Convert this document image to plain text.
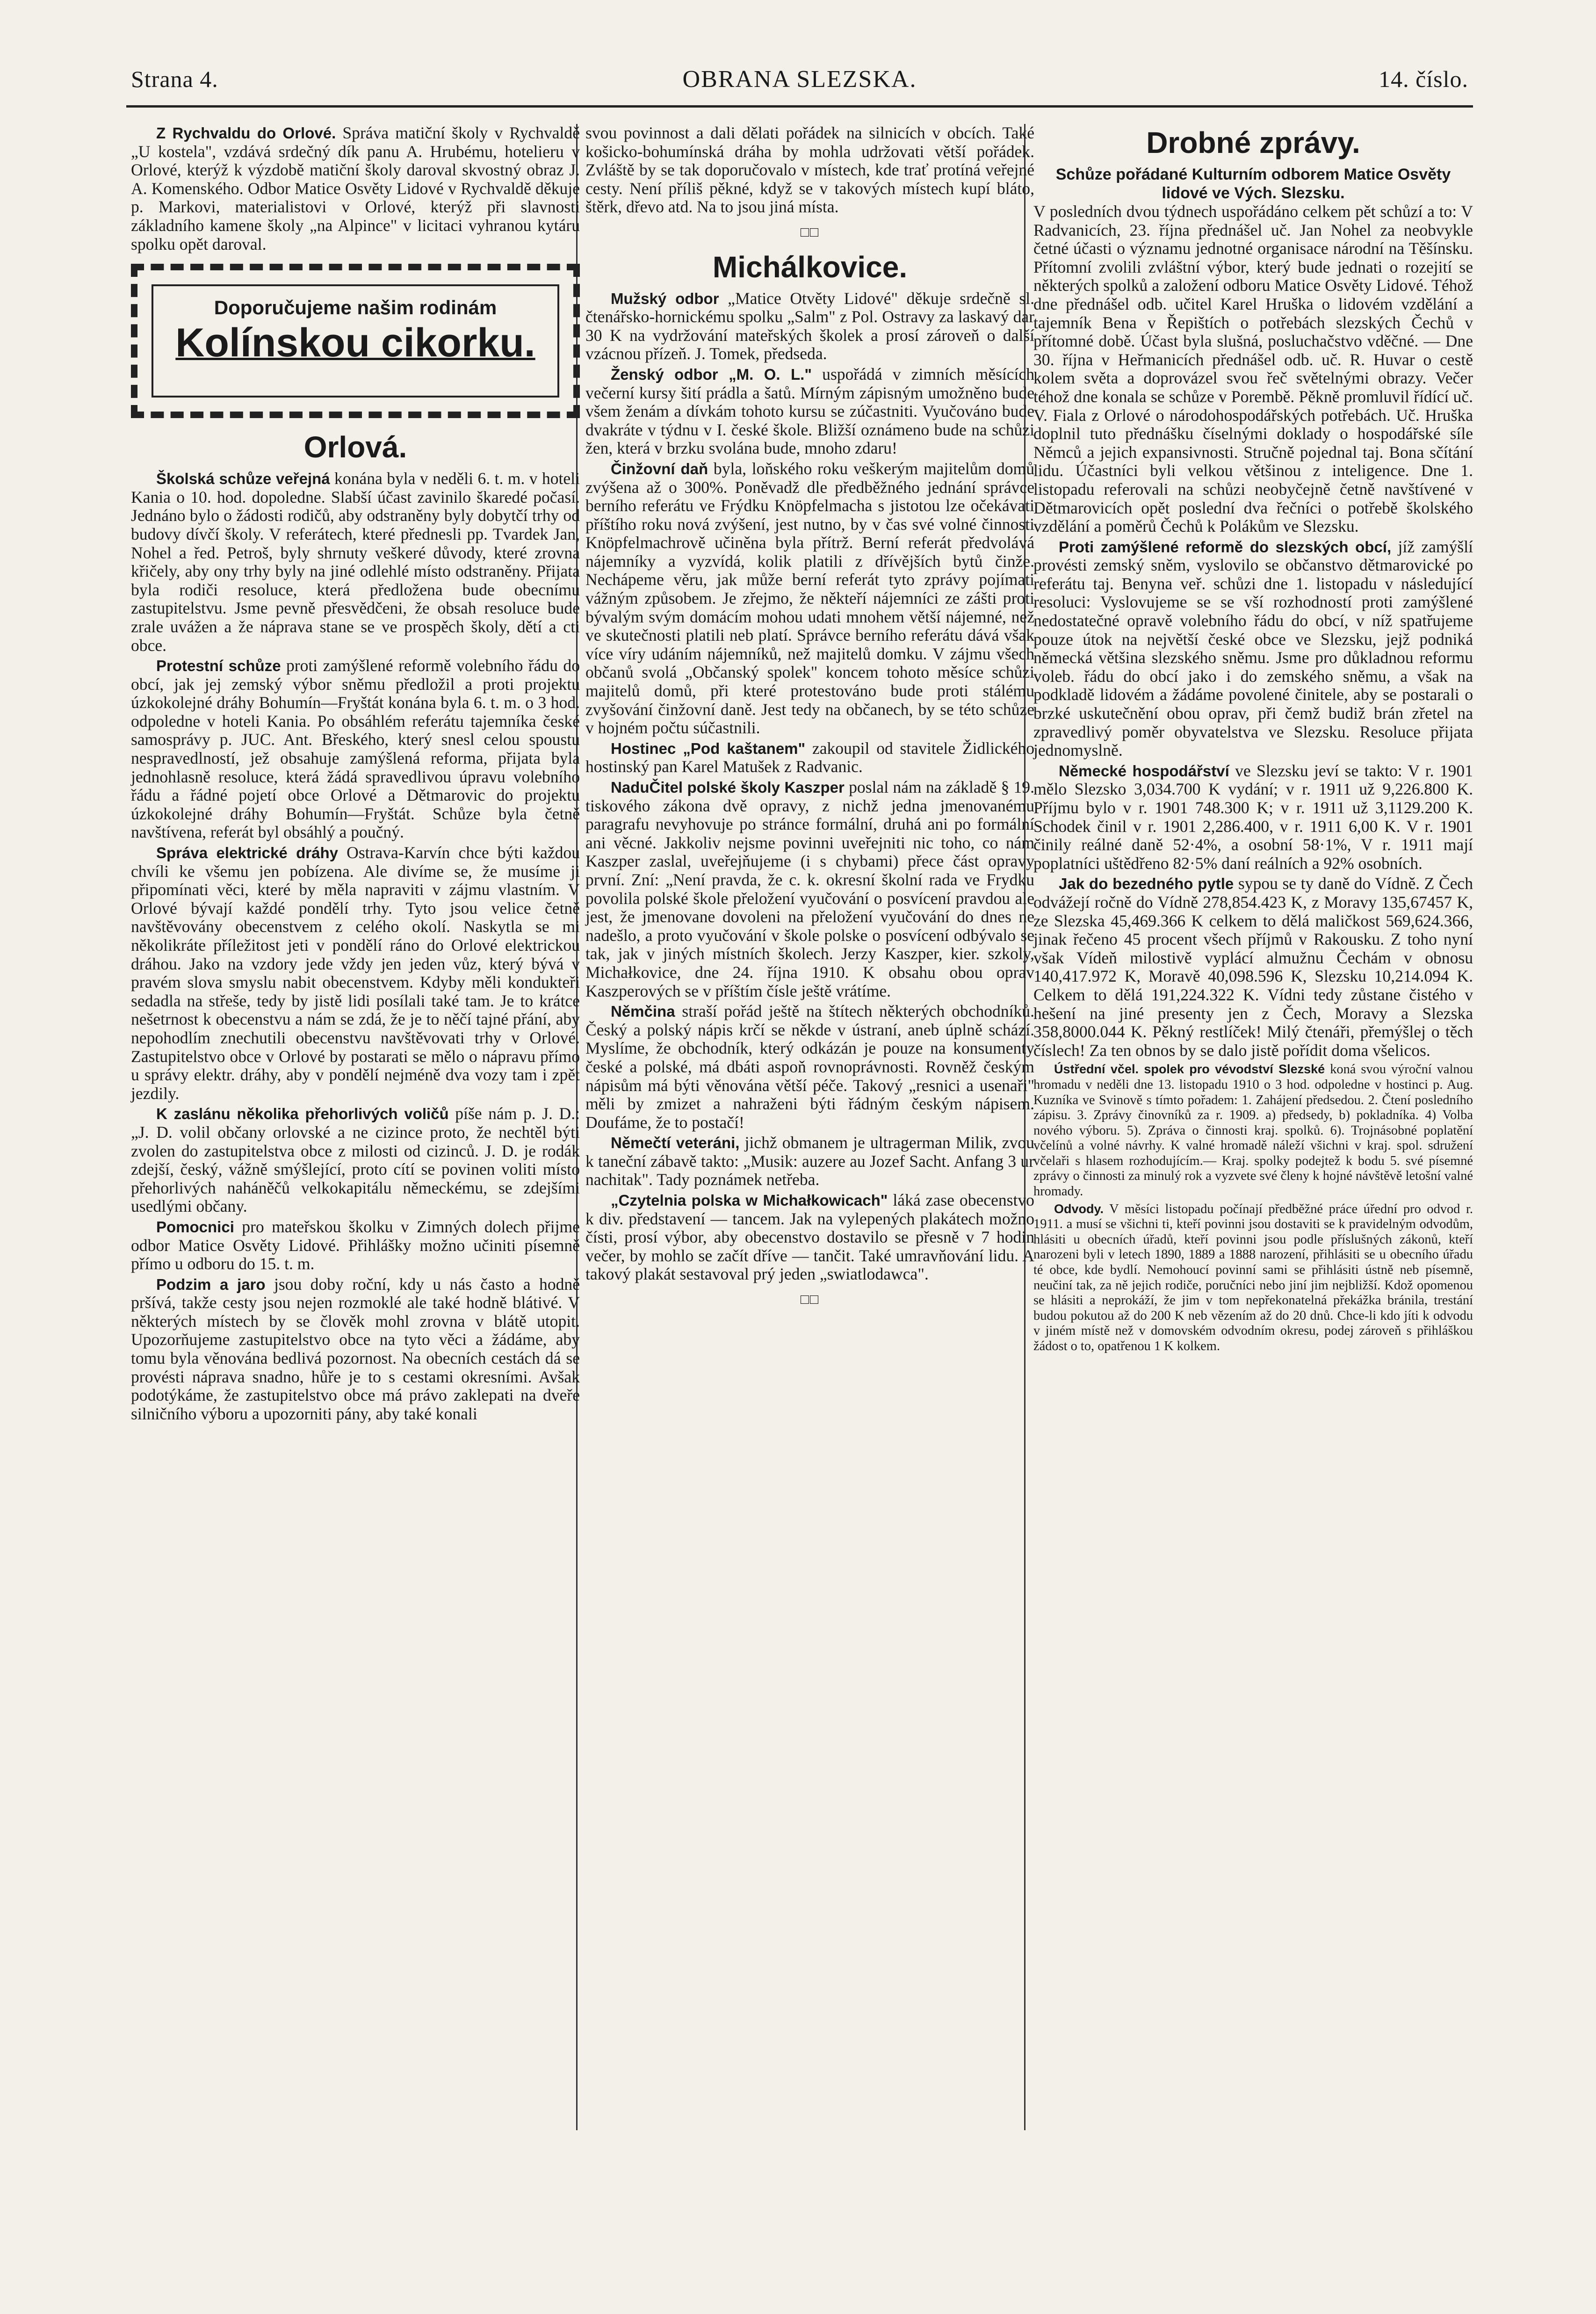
Strana 4.	OBRANA SLEZSKA.	14. číslo.

Z Rychvaldu do Orlové. Správa matiční školy v Rychvaldě „U kostela", vzdává srdečný dík panu A. Hrubému, hotelieru v Orlové, kterýž k výzdobě matiční školy daroval skvostný obraz J. A. Komenského. Odbor Matice Osvěty Lidové v Rychvaldě děkuje p. Markovi, materialistovi v Orlové, kterýž při slavnosti základního kamene školy „na Alpince" v licitaci vyhranou kytáru spolku opět daroval.

Doporučujeme našim rodinám
Kolínskou cikorku.
Orlová.

Školská schůze veřejná konána byla v neděli 6. t. m. v hoteli Kania o 10. hod. dopoledne. Slabší účast zavinilo škaredé počasí. Jednáno bylo o žádosti rodičů, aby odstraněny byly dobytčí trhy od budovy dívčí školy. V referátech, které přednesli pp. Tvardek Jan, Nohel a řed. Petroš, byly shrnuty veškeré důvody, které zrovna křičely, aby ony trhy byly na jiné odlehlé místo odstraněny. Přijata byla rodiči resoluce, která předložena bude obecnímu zastupitelstvu. Jsme pevně přesvědčeni, že obsah resoluce bude zrale uvážen a že náprava stane se ve prospěch školy, dětí a cti obce.

Protestní schůze proti zamýšlené reformě volebního řádu do obcí, jak jej zemský výbor sněmu předložil a proti projektu úzkokolejné dráhy Bohumín—Fryštát konána byla 6. t. m. o 3 hod. odpoledne v hoteli Kania. Po obsáhlém referátu tajemníka české samosprávy p. JUC. Ant. Břeského, který snesl celou spoustu nespravedlností, jež obsahuje zamýšlená reforma, přijata byla jednohlasně resoluce, která žádá spravedlivou úpravu volebního řádu a řádné pojetí obce Orlové a Dětmarovic do projektu úzkokolejné dráhy Bohumín—Fryštát. Schůze byla četně navštívena, referát byl obsáhlý a poučný.

Správa elektrické dráhy Ostrava-Karvín chce býti každou chvíli ke všemu jen pobízena. Ale divíme se, že musíme ji připomínati věci, které by měla napraviti v zájmu vlastním. V Orlové bývají každé pondělí trhy. Tyto jsou velice četně navštěvovány obecenstvem z celého okolí. Naskytla se mi několikráte příležitost jeti v pondělí ráno do Orlové elektrickou dráhou. Jako na vzdory jede vždy jen jeden vůz, který bývá v pravém slova smyslu nabit obecenstvem. Kdyby měli kondukteři sedadla na střeše, tedy by jistě lidi posílali také tam. Je to krátce nešetrnost k obecenstvu a nám se zdá, že je to něčí tajné přání, aby nepohodlím znechutili obecenstvu navštěvovati trhy v Orlové. Zastupitelstvo obce v Orlové by postarati se mělo o nápravu přímo u správy elektr. dráhy, aby v pondělí nejméně dva vozy tam i zpět jezdily.

K zaslánu několika přehorlivých voličů píše nám p. J. D.: „J. D. volil občany orlovské a ne cizince proto, že nechtěl býti zvolen do zastupitelstva obce z milosti od cizinců. J. D. je rodák zdejší, český, vážně smýšlející, proto cítí se povinen voliti místo přehorlivých naháněčů velkokapitálu německému, se zdejšími usedlými občany.

Pomocnici pro mateřskou školku v Zimných dolech přijme odbor Matice Osvěty Lidové. Přihlášky možno učiniti písemně přímo u odboru do 15. t. m.

Podzim a jaro jsou doby roční, kdy u nás často a hodně pršívá, takže cesty jsou nejen rozmoklé ale také hodně blátivé. V některých místech by se člověk mohl zrovna v blátě utopit. Upozorňujeme zastupitelstvo obce na tyto věci a žádáme, aby tomu byla věnována bedlivá pozornost. Na obecních cestách dá se provésti náprava snadno, hůře je to s cestami okresními. Avšak podotýkáme, že zastupitelstvo obce má právo zaklepati na dveře silničního výboru a upozorniti pány, aby také konali

svou povinnost a dali dělati pořádek na silnicích v obcích. Také košicko-bohumínská dráha by mohla udržovati větší pořádek. Zvláště by se tak doporučovalo v místech, kde trať protíná veřejné cesty. Není příliš pěkné, když se v takových místech kupí bláto, štěrk, dřevo atd. Na to jsou jiná místa.

□□
Michálkovice.

Mužský odbor „Matice Otvěty Lidové" děkuje srdečně sl. čtenářsko-hornickému spolku „Salm" z Pol. Ostravy za laskavý dar 30 K na vydržování mateřských školek a prosí zároveň o další vzácnou přízeň. J. Tomek, předseda.

Ženský odbor „M. O. L." uspořádá v zimních měsících večerní kursy šití prádla a šatů. Mírným zápisným umožněno bude všem ženám a dívkám tohoto kursu se zúčastniti. Vyučováno bude dvakráte v týdnu v I. české škole. Bližší oznámeno bude na schůzi žen, která v brzku svolána bude, mnoho zdaru!

Činžovní daň byla, loňského roku veškerým majitelům domů zvýšena až o 300%. Poněvadž dle předběžného jednání správce berního referátu ve Frýdku Knöpfelmacha s jistotou lze očekávati příštího roku nová zvýšení, jest nutno, by v čas své volné činnosti Knöpfelmachrově učiněna byla přítrž. Berní referát předvolává nájemníky a vyzvídá, kolik platili z dřívějších bytů činže. Nechápeme věru, jak může berní referát tyto zprávy pojímati vážným způsobem. Je zřejmo, že někteří nájemníci ze zášti proti bývalým svým domácím mohou udati mnohem větší nájemné, než ve skutečnosti platili neb platí. Správce berního referátu dává však více víry udáním nájemníků, než majitelů domku. V zájmu všech občanů svolá „Občanský spolek" koncem tohoto měsíce schůzi majitelů domů, při které protestováno bude proti stálému zvyšování činžovní daně. Jest tedy na občanech, by se této schůze v hojném počtu súčastnili.

Hostinec „Pod kaštanem" zakoupil od stavitele Židlického hostinský pan Karel Matušek z Radvanic.

NaduČitel polské školy Kaszper poslal nám na základě § 19. tiskového zákona dvě opravy, z nichž jedna jmenovanému paragrafu nevyhovuje po stránce formální, druhá ani po formální ani věcné. Jakkoliv nejsme povinni uveřejniti nic toho, co nám Kaszper zaslal, uveřejňujeme (i s chybami) přece část opravy první. Zní: „Není pravda, že c. k. okresní školní rada ve Frydku povolila polské škole přeložení vyučování o posvícení pravdou ale jest, že jmenovane dovoleni na přeložení vyučování do dnes ne nadešlo, a proto vyučování v škole polske o posvícení odbývalo se tak, jak v jiných místních školech. Jerzy Kaszper, kier. szkoly, Michałkovice, dne 24. října 1910. K obsahu obou oprav Kaszperových se v příštím čísle ještě vrátíme.

Němčina straší pořád ještě na štítech některých obchodníků. Český a polský nápis krčí se někde v ústraní, aneb úplně schází. Myslíme, že obchodník, který odkázán je pouze na konsumenty české a polské, má dbáti aspoň rovnoprávnosti. Rovněž českým nápisům má býti věnována větší péče. Takový „resnici a usenaři" měli by zmizet a nahraženi býti řádným českým nápisem. Doufáme, že to postačí!

Němečtí veteráni, jichž obmanem je ultragerman Milik, zvou k taneční zábavě takto: „Musik: auzere au Jozef Sacht. Anfang 3 ur nachitak". Tady poznámek netřeba.

„Czytelnia polska w Michałkowicach" láká zase obecenstvo k div. představení — tancem. Jak na vylepených plakátech možno čísti, prosí výbor, aby obecenstvo dostavilo se přesně v 7 hodin večer, by mohlo se začít dříve — tančit. Také umravňování lidu. A takový plakát sestavoval prý jeden „swiatlodawca".

□□
Drobné zprávy.
Schůze pořádané Kulturním odborem Matice Osvěty lidové ve Vých. Slezsku.

V posledních dvou týdnech uspořádáno celkem pět schůzí a to: V Radvanicích, 23. října přednášel uč. Jan Nohel za neobvykle četné účasti o významu jednotné organisace národní na Těšínsku. Přítomní zvolili zvláštní výbor, který bude jednati o rozejití se některých spolků a založení odboru Matice Osvěty Lidové. Téhož dne přednášel odb. učitel Karel Hruška o lidovém vzdělání a tajemník Bena v Řepištích o potřebách slezských Čechů v přítomné době. Účast byla slušná, posluchačstvo vděčné. — Dne 30. října v Heřmanicích přednášel odb. uč. R. Huvar o cestě kolem světa a doprovázel svou řeč světelnými obrazy. Večer téhož dne konala se schůze v Porembě. Pěkně promluvil řídící uč. V. Fiala z Orlové o národohospodářských potřebách. Uč. Hruška doplnil tuto přednášku číselnými doklady o hospodářské síle Němců a jejich expansivnosti. Stručně pojednal taj. Bona sčítání lidu. Účastníci byli velkou většinou z inteligence. Dne 1. listopadu referovali na schůzi neobyčejně četně navštívené v Dětmarovicích opět poslední dva řečníci o potřebě školského vzdělání a poměrů Čechů k Polákům ve Slezsku.

Proti zamýšlené reformě do slezských obcí, jíž zamýšlí provésti zemský sněm, vyslovilo se občanstvo dětmarovické po referátu taj. Benyna veř. schůzi dne 1. listopadu v následující resoluci: Vyslovujeme se se vší rozhodností proti zamýšlené nedostatečné opravě volebního řádu do obcí, v níž spatřujeme pouze útok na největší české obce ve Slezsku, jejž podniká německá většina slezského sněmu. Jsme pro důkladnou reformu voleb. řádu do obcí jako i do zemského sněmu, a však na podkladě lidovém a žádáme povolené činitele, aby se postarali o brzké uskutečnění obou oprav, při čemž budiž brán zřetel na zpravedlivý poměr obyvatelstva ve Slezsku. Resoluce přijata jednomyslně.

Německé hospodářství ve Slezsku jeví se takto: V r. 1901 mělo Slezsko 3,034.700 K vydání; v r. 1911 už 9,226.800 K. Příjmu bylo v r. 1901 748.300 K; v r. 1911 už 3,1129.200 K. Schodek činil v r. 1901 2,286.400, v r. 1911 6,00 K. V r. 1901 činily reálné daně 52·4%, a osobní 58·1%, V r. 1911 mají poplatníci uštědřeno 82·5% daní reálních a 92% osobních.

Jak do bezedného pytle sypou se ty daně do Vídně. Z Čech odvážejí ročně do Vídně 278,854.423 K, z Moravy 135,67457 K, ze Slezska 45,469.366 K celkem to dělá maličkost 569,624.366, jinak řečeno 45 procent všech příjmů v Rakousku. Z toho nyní však Vídeň milostivě vyplácí almužnu Čechám v obnosu 140,417.972 K, Moravě 40,098.596 K, Slezsku 10,214.094 K. Celkem to dělá 191,224.322 K. Vídni tedy zůstane čistého v hešení na jiné presenty jen z Čech, Moravy a Slezska 358,8000.044 K. Pěkný restlíček! Milý čtenáři, přemýšlej o těch číslech! Za ten obnos by se dalo jistě pořídit doma všelicos.

Ústřední včel. spolek pro vévodství Slezské koná svou výroční valnou hromadu v neděli dne 13. listopadu 1910 o 3 hod. odpoledne v hostinci p. Aug. Kuzníka ve Svinově s tímto pořadem: 1. Zahájení předsedou. 2. Čtení posledního zápisu. 3. Zprávy činovníků za r. 1909. a) předsedy, b) pokladníka. 4) Volba nového výboru. 5). Zpráva o činnosti kraj. spolků. 6). Trojnásobné poplatění včelínů a volné návrhy. K valné hromadě náleží všichni v kraj. spol. sdružení včelaři s hlasem rozhodujícím.— Kraj. spolky podejtež k bodu 5. své písemné zprávy o činnosti za minulý rok a vyzvete své členy k hojné návštěvě letošní valné hromady.

Odvody. V měsíci listopadu počínají předběžné práce úřední pro odvod r. 1911. a musí se všichni ti, kteří povinni jsou dostaviti se k pravidelným odvodům, hlásiti u obecních úřadů, kteří povinni jsou podle příslušných zákonů, kteří narozeni byli v letech 1890, 1889 a 1888 narození, přihlásiti se u obecního úřadu té obce, kde bydlí. Nemohoucí povinní sami se přihlásiti ústně neb písemně, neučiní tak, za ně jejich rodiče, poručníci nebo jiní jim nejbližší. Kdož opomenou se hlásiti a neprokáží, že jim v tom nepřekonatelná překážka bránila, trestání budou pokutou až do 200 K neb vězením až do 20 dnů. Chce-li kdo jíti k odvodu v jiném místě než v domovském odvodním okresu, podej zároveň s přihláškou žádost o to, opatřenou 1 K kolkem.
